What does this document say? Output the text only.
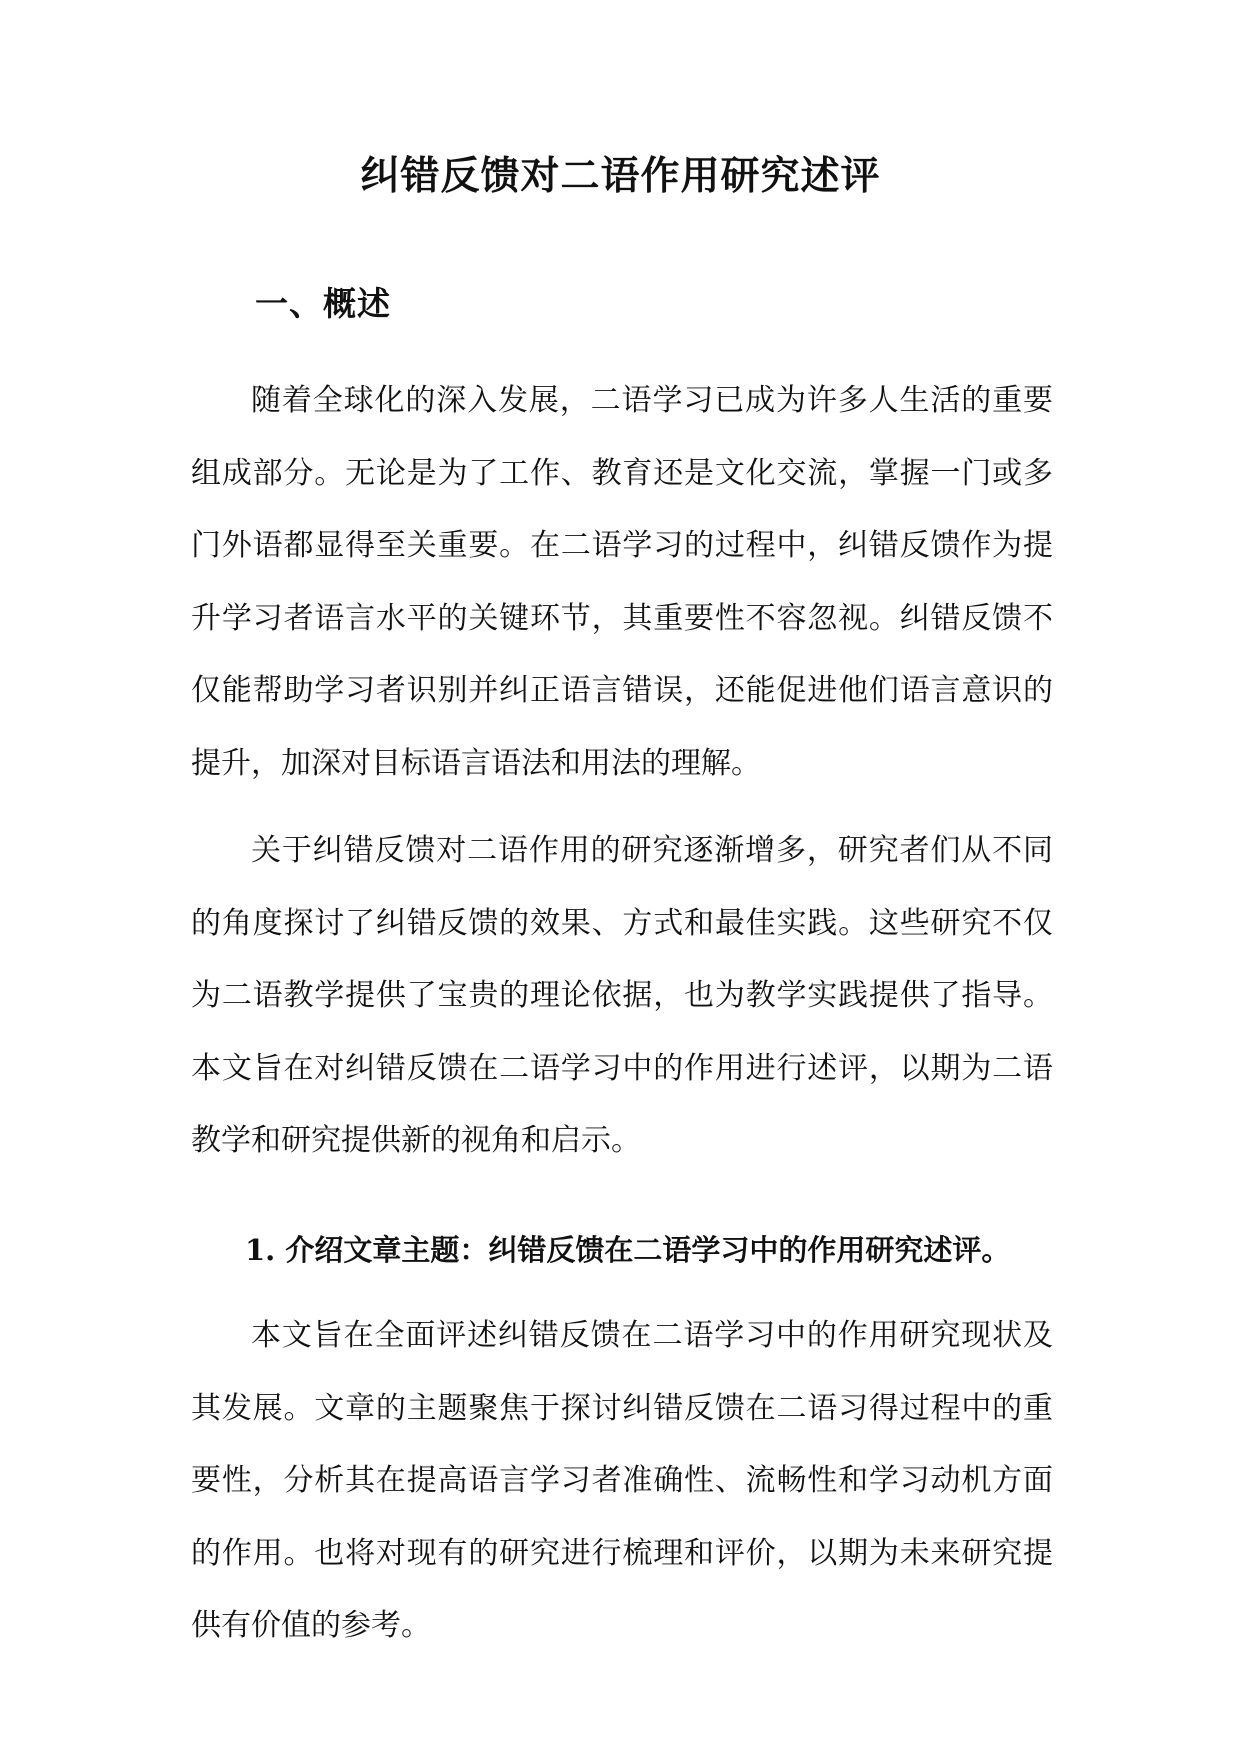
纠错反馈对二语作用研究述评
一、概述

随着全球化的深入发展，二语学习已成为许多人生活的重要组成部分。无论是为了工作、教育还是文化交流，掌握一门或多门外语都显得至关重要。在二语学习的过程中，纠错反馈作为提升学习者语言水平的关键环节，其重要性不容忽视。纠错反馈不仅能帮助学习者识别并纠正语言错误，还能促进他们语言意识的提升，加深对目标语言语法和用法的理解。

关于纠错反馈对二语作用的研究逐渐增多，研究者们从不同的角度探讨了纠错反馈的效果、方式和最佳实践。这些研究不仅为二语教学提供了宝贵的理论依据，也为教学实践提供了指导。本文旨在对纠错反馈在二语学习中的作用进行述评，以期为二语教学和研究提供新的视角和启示。

1. 介绍文章主题：纠错反馈在二语学习中的作用研究述评。

本文旨在全面评述纠错反馈在二语学习中的作用研究现状及其发展。文章的主题聚焦于探讨纠错反馈在二语习得过程中的重要性，分析其在提高语言学习者准确性、流畅性和学习动机方面的作用。也将对现有的研究进行梳理和评价，以期为未来研究提供有价值的参考。
